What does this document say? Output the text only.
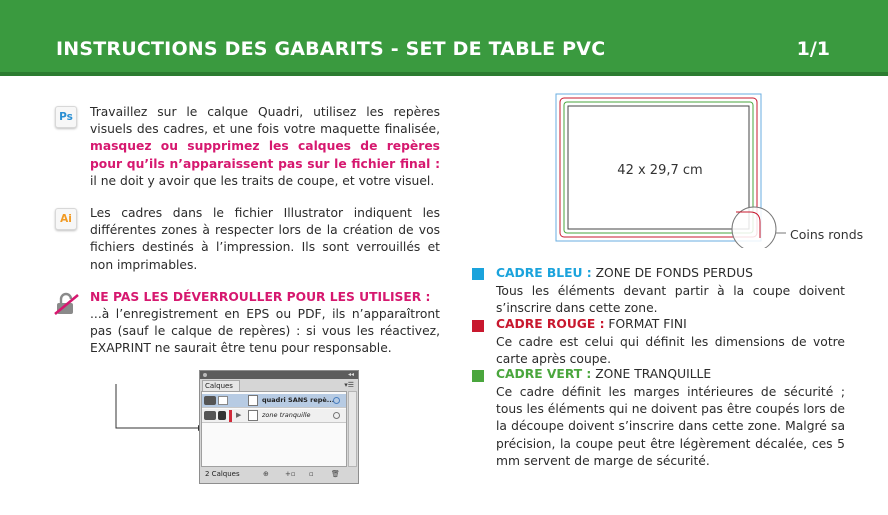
INSTRUCTIONS DES GABARITS - SET DE TABLE PVC	1/1
Ps Travaillez sur le calque Quadri, utilisez les repères visuels des cadres, et une fois votre maquette finalisée, masquez ou supprimez les calques de repères pour qu’ils n’apparaissent pas sur le fichier final : il ne doit y avoir que les traits de coupe, et votre visuel.
Ai Les cadres dans le fichier Illustrator indiquent les différentes zones à respecter lors de la création de vos fichiers destinés à l’impression. Ils sont verrouillés et non imprimables.
NE PAS LES DÉVERROULLER POUR LES UTILISER :
...à l’enregistrement en EPS ou PDF, ils n’apparaîtront pas (sauf le calque de repères) : si vous les réactivez, EXAPRINT ne saurait être tenu pour responsable.
◂◂
Calques	▾☰
quadri SANS repè...
▶	zone tranquille
2 Calques	⊕ +▫ ▫ 🗑
42 x 29,7 cm
Coins ronds
CADRE BLEU : ZONE DE FONDS PERDUS
Tous les éléments devant partir à la coupe doivent s’inscrire dans cette zone.
CADRE ROUGE : FORMAT FINI
Ce cadre est celui qui définit les dimensions de votre carte après coupe.
CADRE VERT : ZONE TRANQUILLE
Ce cadre définit les marges intérieures de sécurité ; tous les éléments qui ne doivent pas être coupés lors de la découpe doivent s’inscrire dans cette zone. Malgré sa précision, la coupe peut être légèrement décalée, ces 5 mm servent de marge de sécurité.
